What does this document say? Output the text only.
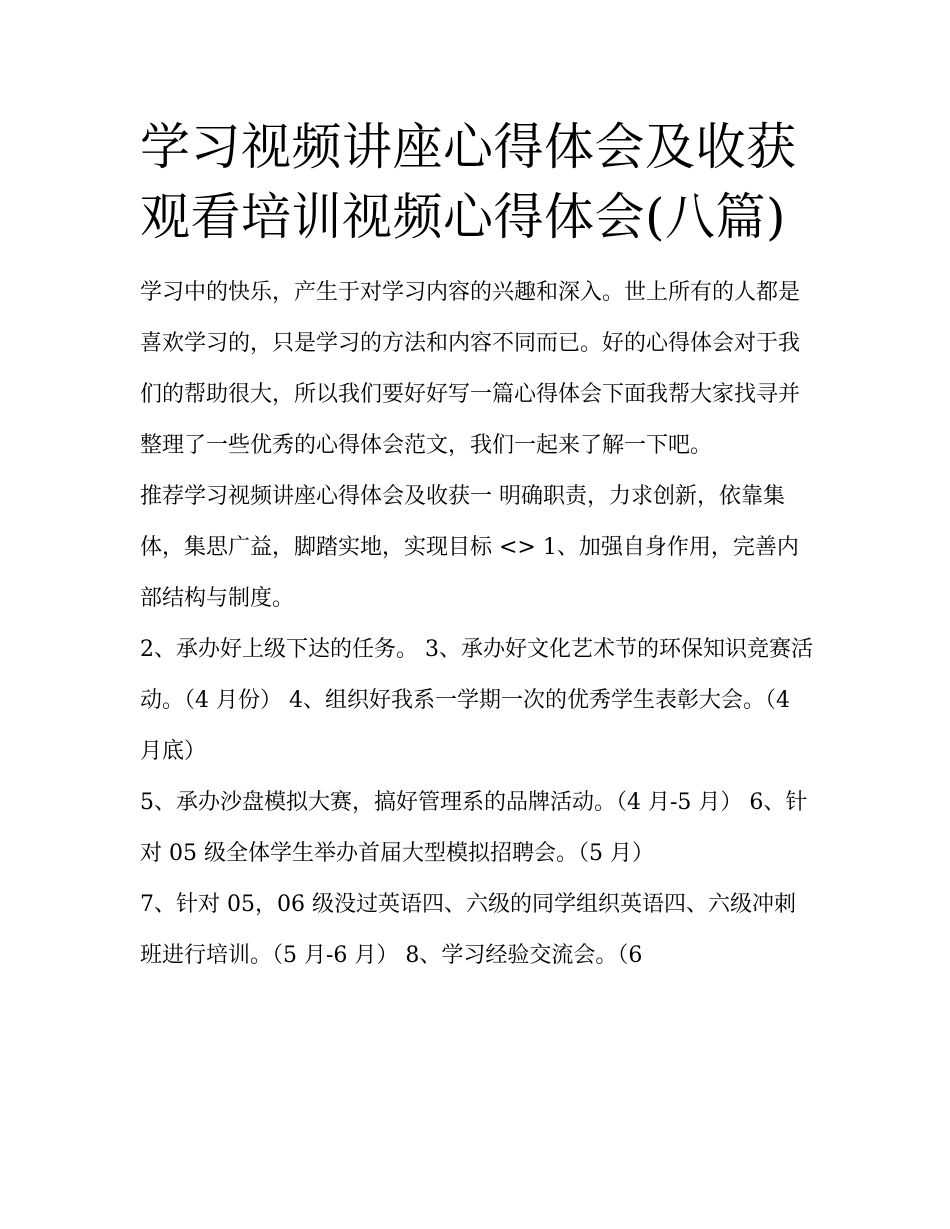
学习视频讲座心得体会及收获
观看培训视频心得体会(八篇)

学习中的快乐，产生于对学习内容的兴趣和深入。世上所有的人都是喜欢学习的，只是学习的方法和内容不同而已。好的心得体会对于我们的帮助很大，所以我们要好好写一篇心得体会下面我帮大家找寻并整理了一些优秀的心得体会范文，我们一起来了解一下吧。

推荐学习视频讲座心得体会及收获一 明确职责，力求创新，依靠集体，集思广益，脚踏实地，实现目标 <> 1、加强自身作用，完善内部结构与制度。

2、承办好上级下达的任务。 3、承办好文化艺术节的环保知识竞赛活动。（4 月份） 4、组织好我系一学期一次的优秀学生表彰大会。（4 月底）

5、承办沙盘模拟大赛，搞好管理系的品牌活动。（4 月-5 月） 6、针对 05 级全体学生举办首届大型模拟招聘会。（5 月）

7、针对 05，06 级没过英语四、六级的同学组织英语四、六级冲刺班进行培训。（5 月-6 月） 8、学习经验交流会。（6
